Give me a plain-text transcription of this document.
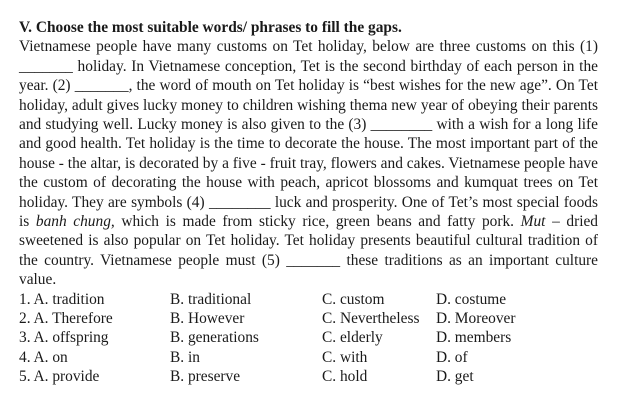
V. Choose the most suitable words/ phrases to fill the gaps.

Vietnamese people have many customs on Tet holiday, below are three customs on this (1) _______ holiday. In Vietnamese conception, Tet is the second birthday of each person in the year. (2) _______, the word of mouth on Tet holiday is “best wishes for the new age”. On Tet holiday, adult gives lucky money to children wishing thema new year of obeying their parents and studying well. Lucky money is also given to the (3) ________ with a wish for a long life and good health. Tet holiday is the time to decorate the house. The most important part of the house - the altar, is decorated by a five - fruit tray, flowers and cakes. Vietnamese people have the custom of decorating the house with peach, apricot blossoms and kumquat trees on Tet holiday. They are symbols (4) ________ luck and prosperity. One of Tet’s most special foods is banh chung, which is made from sticky rice, green beans and fatty pork. Mut – dried sweetened is also popular on Tet holiday. Tet holiday presents beautiful cultural tradition of the country. Vietnamese people must (5) _______ these traditions as an important culture value.

1. A. tradition	B. traditional	C. custom	D. costume
2. A. Therefore	B. However	C. Nevertheless	D. Moreover
3. A. offspring	B. generations	C. elderly	D. members
4. A. on	B. in	C. with	D. of
5. A. provide	B. preserve	C. hold	D. get
